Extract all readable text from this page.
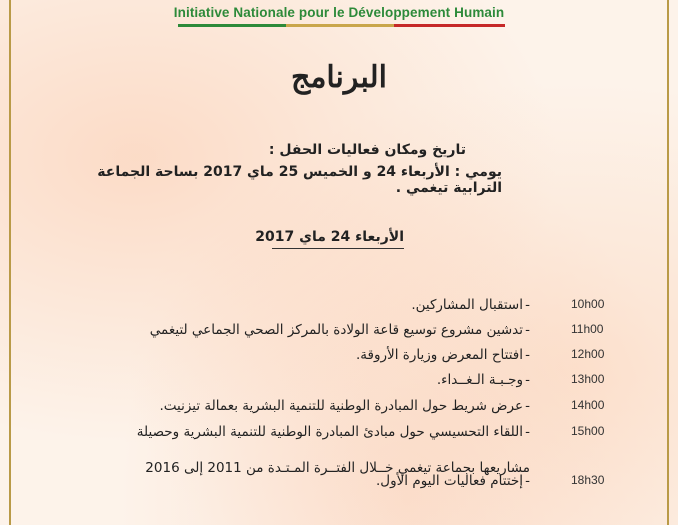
Initiative Nationale pour le Développement Humain
البرنامج
تاريخ ومكان فعاليات الحفل :
يومي : الأربعاء 24 و الخميس 25 ماي 2017 بساحة الجماعة الترابية تيغمي .
الأربعاء 24 ماي 2017
10h00
-
استقبال المشاركين.
11h00
-
تدشين مشروع توسيع قاعة الولادة بالمركز الصحي الجماعي لتيغمي
12h00
-
افتتاح المعرض وزيارة الأروقة.
13h00
-
وجـبـة الـغــداء.
14h00
-
عرض شريط حول المبادرة الوطنية للتنمية البشرية بعمالة تيزنيت.
15h00
-
اللقاء التحسيسي حول مبادئ المبادرة الوطنية للتنمية البشرية وحصيلة
18h30
-
إختتام فعاليات اليوم الأول.
مشاريعها بجماعة تيغمي خــلال الفتــرة المـتـدة من 2011 إلى 2016
